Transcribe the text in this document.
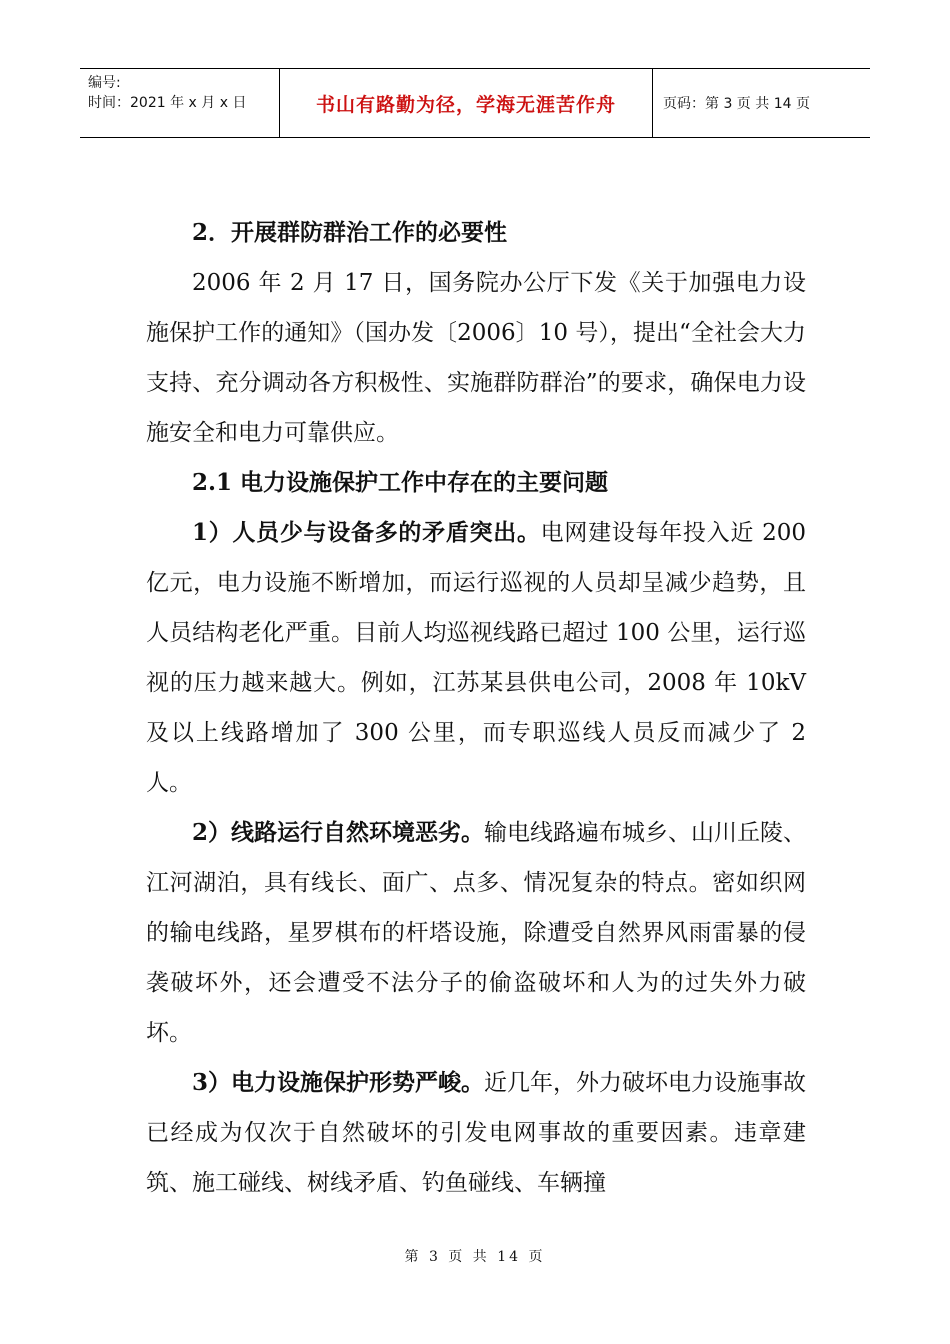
编号:
时间：2021 年 x 月 x 日	书山有路勤为径，学海无涯苦作舟	页码：第 3 页 共 14 页

2．开展群防群治工作的必要性

2006 年 2 月 17 日，国务院办公厅下发《关于加强电力设施保护工作的通知》（国办发〔2006〕10 号），提出“全社会大力支持、充分调动各方积极性、实施群防群治”的要求，确保电力设施安全和电力可靠供应。

2.1 电力设施保护工作中存在的主要问题

1）人员少与设备多的矛盾突出。电网建设每年投入近 200 亿元，电力设施不断增加，而运行巡视的人员却呈减少趋势，且人员结构老化严重。目前人均巡视线路已超过 100 公里，运行巡视的压力越来越大。例如，江苏某县供电公司，2008 年 10kV 及以上线路增加了 300 公里，而专职巡线人员反而减少了 2 人。

2）线路运行自然环境恶劣。输电线路遍布城乡、山川丘陵、江河湖泊，具有线长、面广、点多、情况复杂的特点。密如织网的输电线路，星罗棋布的杆塔设施，除遭受自然界风雨雷暴的侵袭破坏外，还会遭受不法分子的偷盗破坏和人为的过失外力破坏。

3）电力设施保护形势严峻。近几年，外力破坏电力设施事故已经成为仅次于自然破坏的引发电网事故的重要因素。违章建筑、施工碰线、树线矛盾、钓鱼碰线、车辆撞

第 3 页 共 14 页
